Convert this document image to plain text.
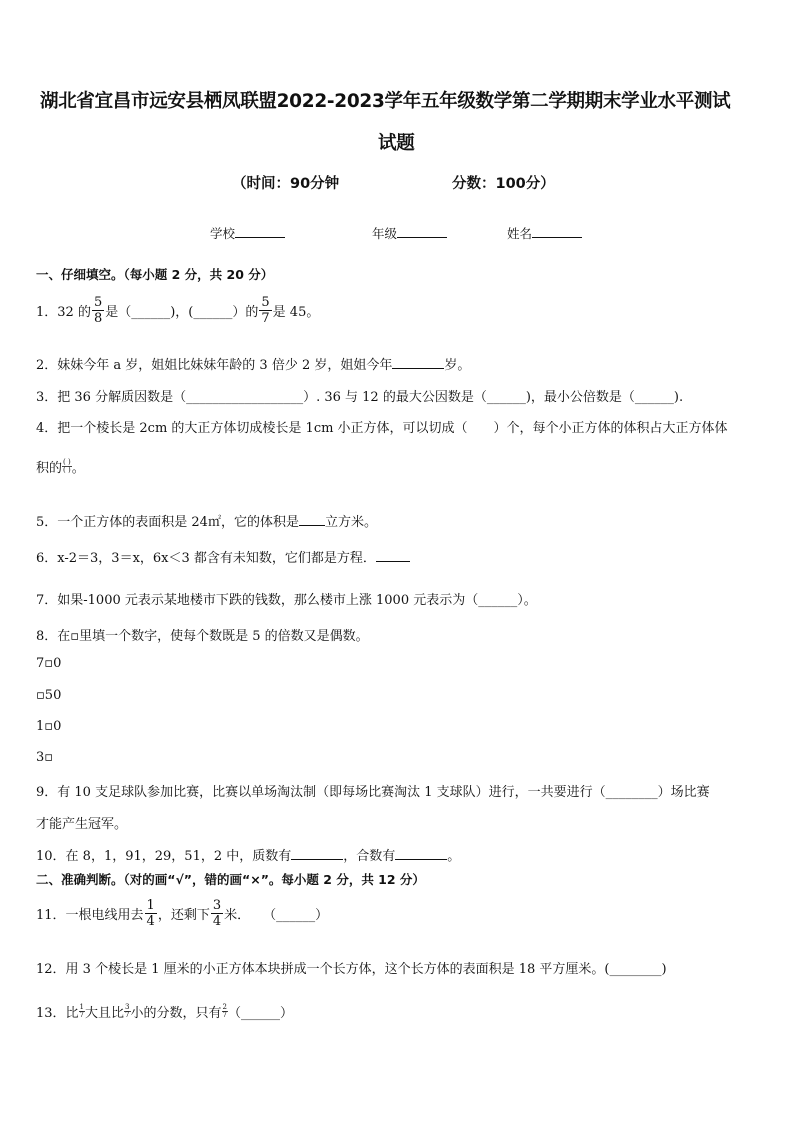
湖北省宜昌市远安县栖凤联盟2022-2023学年五年级数学第二学期期末学业水平测试
试题
（时间：90分钟	分数：100分）
学校	年级	姓名
一、仔细填空。（每小题 2 分，共 20 分）
1．32 的 $\frac{5}{8}$ 是（______)，(______）的 $\frac{5}{7}$ 是 45。
2．妹妹今年 a 岁，姐姐比妹妹年龄的 3 倍少 2 岁，姐姐今年	岁。
3．把 36 分解质因数是（__________________）. 36 与 12 的最大公因数是（______)，最小公倍数是（______).
4．把一个棱长是 2cm 的大正方体切成棱长是 1cm 小正方体，可以切成（　　）个，每个小正方体的体积占大正方体体
积的 $\frac{( )}{( )}$ 。
5．一个正方体的表面积是 24㎡，它的体积是 立方米。
6．x-2＝3，3＝x，6x＜3 都含有未知数，它们都是方程．
7．如果-1000 元表示某地楼市下跌的钱数，那么楼市上涨 1000 元表示为（______）。
8．在▫里填一个数字，使每个数既是 5 的倍数又是偶数。
7▫0
▫50
1▫0
3▫
9．有 10 支足球队参加比赛，比赛以单场淘汰制（即每场比赛淘汰 1 支球队）进行，一共要进行（________）场比赛
才能产生冠军。
10．在 8，1，91，29，51，2 中，质数有	，合数有	。
二、准确判断。（对的画“√”，错的画“×”。每小题 2 分，共 12 分）
11．一根电线用去 $\frac{1}{4}$ ，还剩下 $\frac{3}{4}$ 米．　　（______）
12．用 3 个棱长是 1 厘米的小正方体本块拼成一个长方体，这个长方体的表面积是 18 平方厘米。(________)
13．比 $\frac{1}{7}$ 大且比 $\frac{3}{7}$ 小的分数，只有 $\frac{2}{7}$ （______）
